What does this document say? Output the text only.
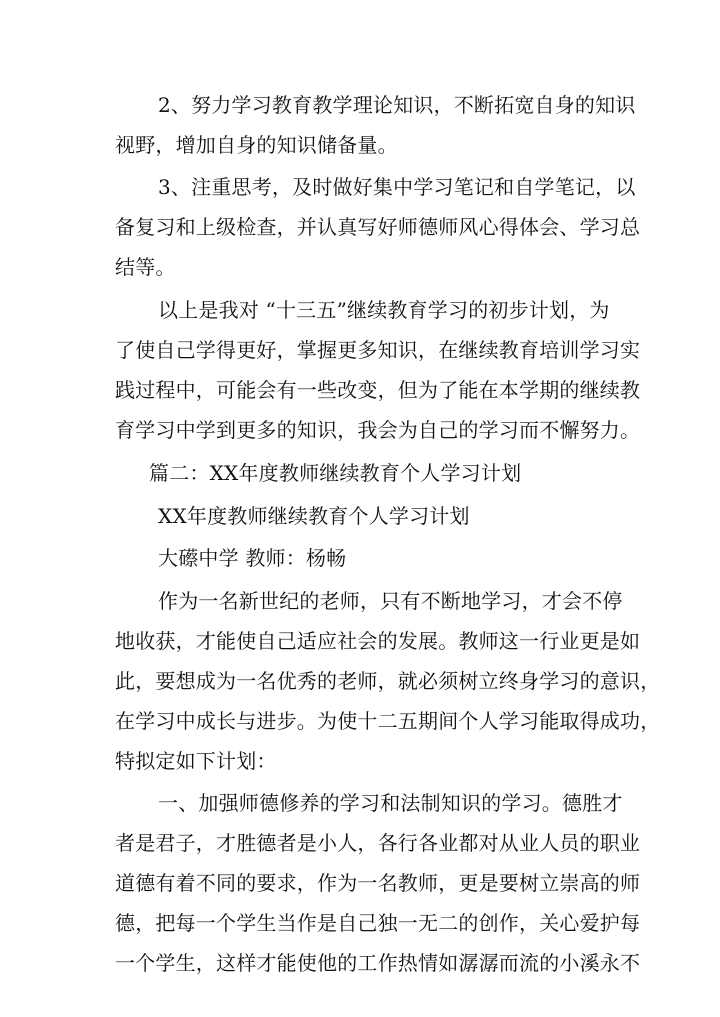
2、努力学习教育教学理论知识，不断拓宽自身的知识
视野，增加自身的知识储备量。
3、注重思考，及时做好集中学习笔记和自学笔记，以
备复习和上级检查，并认真写好师德师风心得体会、学习总
结等。
以上是我对 “十三五”继续教育学习的初步计划，为
了使自己学得更好，掌握更多知识，在继续教育培训学习实
践过程中，可能会有一些改变，但为了能在本学期的继续教
育学习中学到更多的知识，我会为自己的学习而不懈努力。
篇二：XX年度教师继续教育个人学习计划
XX年度教师继续教育个人学习计划
大礤中学 教师：杨畅
作为一名新世纪的老师，只有不断地学习，才会不停
地收获，才能使自己适应社会的发展。教师这一行业更是如
此，要想成为一名优秀的老师，就必须树立终身学习的意识，
在学习中成长与进步。为使十二五期间个人学习能取得成功，
特拟定如下计划：
一、加强师德修养的学习和法制知识的学习。德胜才
者是君子，才胜德者是小人，各行各业都对从业人员的职业
道德有着不同的要求，作为一名教师，更是要树立崇高的师
德，把每一个学生当作是自己独一无二的创作，关心爱护每
一个学生，这样才能使他的工作热情如潺潺而流的小溪永不
